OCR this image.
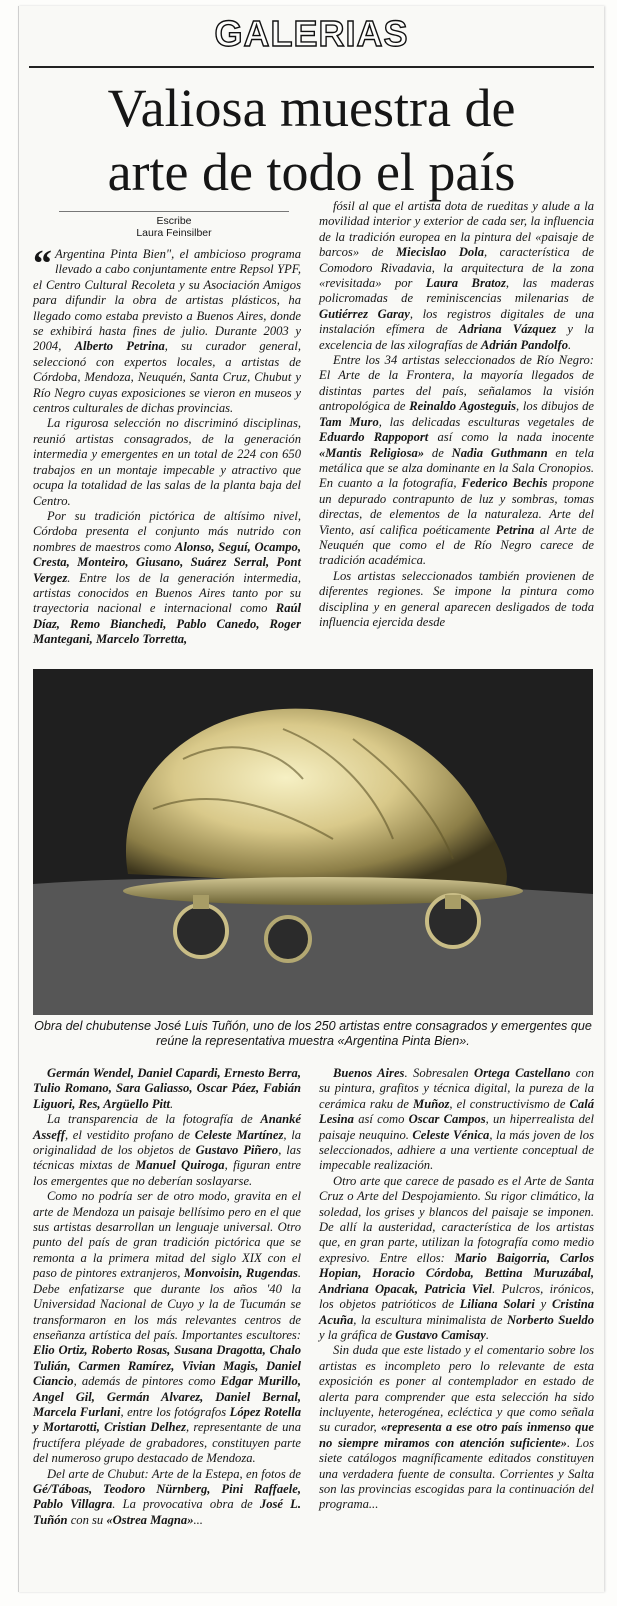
GALERIAS
Valiosa muestra de
arte de todo el país
Escribe
Laura Feinsilber

“ Argentina Pinta Bien", el ambicioso programa llevado a cabo conjuntamente entre Repsol YPF, el Centro Cultural Recoleta y su Asociación Amigos para difundir la obra de artistas plásticos, ha llegado como estaba previsto a Buenos Aires, donde se exhibirá hasta fines de julio. Durante 2003 y 2004, Alberto Petrina, su curador general, seleccionó con expertos locales, a artistas de Córdoba, Mendoza, Neuquén, Santa Cruz, Chubut y Río Negro cuyas exposiciones se vieron en museos y centros culturales de dichas provincias.

La rigurosa selección no discriminó disciplinas, reunió artistas consagrados, de la generación intermedia y emergentes en un total de 224 con 650 trabajos en un montaje impecable y atractivo que ocupa la totalidad de las salas de la planta baja del Centro.

Por su tradición pictórica de altísimo nivel, Córdoba presenta el conjunto más nutrido con nombres de maestros como Alonso, Seguí, Ocampo, Cresta, Monteiro, Giusano, Suárez Serral, Pont Vergez. Entre los de la generación intermedia, artistas conocidos en Buenos Aires tanto por su trayectoria nacional e internacional como Raúl Díaz, Remo Bianchedi, Pablo Canedo, Roger Mantegani, Marcelo Torretta,

fósil al que el artista dota de rueditas y alude a la movilidad interior y exterior de cada ser, la influencia de la tradición europea en la pintura del «paisaje de barcos» de Miecislao Dola, característica de Comodoro Rivadavia, la arquitectura de la zona «revisitada» por Laura Bratoz, las maderas policromadas de reminiscencias milenarias de Gutiérrez Garay, los registros digitales de una instalación efímera de Adriana Vázquez y la excelencia de las xilografías de Adrián Pandolfo.

Entre los 34 artistas seleccionados de Río Negro: El Arte de la Frontera, la mayoría llegados de distintas partes del país, señalamos la visión antropológica de Reinaldo Agosteguis, los dibujos de Tam Muro, las delicadas esculturas vegetales de Eduardo Rappoport así como la nada inocente «Mantis Religiosa» de Nadia Guthmann en tela metálica que se alza dominante en la Sala Cronopios. En cuanto a la fotografía, Federico Bechis propone un depurado contrapunto de luz y sombras, tomas directas, de elementos de la naturaleza. Arte del Viento, así califica poéticamente Petrina al Arte de Neuquén que como el de Río Negro carece de tradición académica.

Los artistas seleccionados también provienen de diferentes regiones. Se impone la pintura como disciplina y en general aparecen desligados de toda influencia ejercida desde

Obra del chubutense José Luis Tuñón, uno de los 250 artistas entre consagrados y emergentes que reúne la representativa muestra «Argentina Pinta Bien».

Germán Wendel, Daniel Capardi, Ernesto Berra, Tulio Romano, Sara Galiasso, Oscar Páez, Fabián Liguori, Res, Argüello Pitt.

La transparencia de la fotografía de Ananké Asseff, el vestidito profano de Celeste Martínez, la originalidad de los objetos de Gustavo Piñero, las técnicas mixtas de Manuel Quiroga, figuran entre los emergentes que no deberían soslayarse.

Como no podría ser de otro modo, gravita en el arte de Mendoza un paisaje bellísimo pero en el que sus artistas desarrollan un lenguaje universal. Otro punto del país de gran tradición pictórica que se remonta a la primera mitad del siglo XIX con el paso de pintores extranjeros, Monvoisin, Rugendas. Debe enfatizarse que durante los años '40 la Universidad Nacional de Cuyo y la de Tucumán se transformaron en los más relevantes centros de enseñanza artística del país. Importantes escultores: Elio Ortiz, Roberto Rosas, Susana Dragotta, Chalo Tulián, Carmen Ramírez, Vivian Magis, Daniel Ciancio, además de pintores como Edgar Murillo, Angel Gil, Germán Alvarez, Daniel Bernal, Marcela Furlani, entre los fotógrafos López Rotella y Mortarotti, Cristian Delhez, representante de una fructífera pléyade de grabadores, constituyen parte del numeroso grupo destacado de Mendoza.

Del arte de Chubut: Arte de la Estepa, en fotos de Gé/Táboas, Teodoro Nürnberg, Pini Raffaele, Pablo Villagra. La provocativa obra de José L. Tuñón con su «Ostrea Magna»...

Buenos Aires. Sobresalen Ortega Castellano con su pintura, grafitos y técnica digital, la pureza de la cerámica raku de Muñoz, el constructivismo de Calá Lesina así como Oscar Campos, un hiperrealista del paisaje neuquino. Celeste Vénica, la más joven de los seleccionados, adhiere a una vertiente conceptual de impecable realización.

Otro arte que carece de pasado es el Arte de Santa Cruz o Arte del Despojamiento. Su rigor climático, la soledad, los grises y blancos del paisaje se imponen. De allí la austeridad, característica de los artistas que, en gran parte, utilizan la fotografía como medio expresivo. Entre ellos: Mario Baigorria, Carlos Hopian, Horacio Córdoba, Bettina Muruzábal, Andriana Opacak, Patricia Viel. Pulcros, irónicos, los objetos patrióticos de Liliana Solari y Cristina Acuña, la escultura minimalista de Norberto Sueldo y la gráfica de Gustavo Camisay.

Sin duda que este listado y el comentario sobre los artistas es incompleto pero lo relevante de esta exposición es poner al contemplador en estado de alerta para comprender que esta selección ha sido incluyente, heterogénea, ecléctica y que como señala su curador, «representa a ese otro país inmenso que no siempre miramos con atención suficiente». Los siete catálogos magníficamente editados constituyen una verdadera fuente de consulta. Corrientes y Salta son las provincias escogidas para la continuación del programa...
